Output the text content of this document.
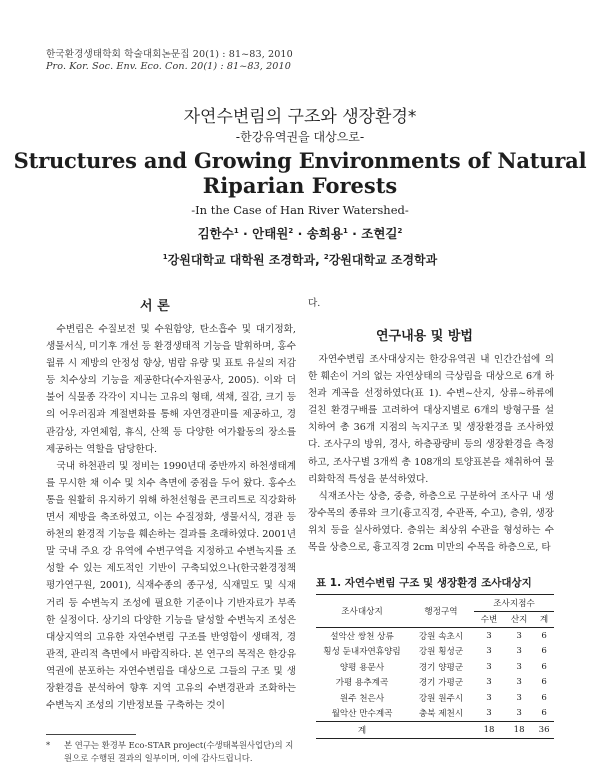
한국환경생태학회 학술대회논문집 20(1) : 81~83, 2010
Pro. Kor. Soc. Env. Eco. Con. 20(1) : 81~83, 2010
자연수변림의 구조와 생장환경*
-한강유역권을 대상으로-
Structures and Growing Environments of Natural
Riparian Forests
-In the Case of Han River Watershed-
김한수$^1$ · 안태원$^2$ · 송희용$^1$ · 조현길$^2$
$^1$강원대학교 대학원 조경학과, $^2$강원대학교 조경학과
서 론

수변림은 수질보전 및 수원함양, 탄소흡수 및 대기정화, 생물서식, 미기후 개선 등 환경생태적 기능을 발휘하며, 홍수 월류 시 제방의 안정성 향상, 범람 유량 및 표토 유실의 저감 등 치수상의 기능을 제공한다(수자원공사, 2005). 이와 더불어 식물종 각각이 지니는 고유의 형태, 색채, 질감, 크기 등의 어우러짐과 계절변화를 통해 자연경관미를 제공하고, 경관감상, 자연체험, 휴식, 산책 등 다양한 여가활동의 장소를 제공하는 역할을 담당한다.

국내 하천관리 및 정비는 1990년대 중반까지 하천생태계를 무시한 채 이수 및 치수 측면에 중점을 두어 왔다. 홍수소통을 원활히 유지하기 위해 하천선형을 콘크리트로 직강화하면서 제방을 축조하였고, 이는 수질정화, 생물서식, 경관 등 하천의 환경적 기능을 훼손하는 결과를 초래하였다. 2001년 말 국내 주요 강 유역에 수변구역을 지정하고 수변녹지를 조성할 수 있는 제도적인 기반이 구축되었으나(한국환경정책평가연구원, 2001), 식재수종의 종구성, 식재밀도 및 식재거리 등 수변녹지 조성에 필요한 기준이나 기반자료가 부족한 실정이다. 상기의 다양한 기능을 달성할 수변녹지 조성은 대상지역의 고유한 자연수변림 구조를 반영함이 생태적, 경관적, 관리적 측면에서 바람직하다. 본 연구의 목적은 한강유역권에 분포하는 자연수변림을 대상으로 그들의 구조 및 생장환경을 분석하여 향후 지역 고유의 수변경관과 조화하는 수변녹지 조성의 기반정보를 구축하는 것이

* 본 연구는 환경부 Eco-STAR project(수생태복원사업단)의 지원으로 수행된 결과의 일부이며, 이에 감사드립니다.
다.
연구내용 및 방법

자연수변림 조사대상지는 한강유역권 내 인간간섭에 의한 훼손이 거의 없는 자연상태의 극상림을 대상으로 6개 하천과 계곡을 선정하였다(표 1). 수변~산지, 상류~하류에 걸친 환경구배를 고려하여 대상지별로 6개의 방형구를 설치하여 총 36개 지점의 녹지구조 및 생장환경을 조사하였다. 조사구의 방위, 경사, 하층광량비 등의 생장환경을 측정하고, 조사구별 3개씩 총 108개의 토양표본을 채취하여 물리화학적 특성을 분석하였다.

식재조사는 상층, 중층, 하층으로 구분하여 조사구 내 생장수목의 종류와 크기(흉고직경, 수관폭, 수고), 층위, 생장위치 등을 실사하였다. 층위는 최상위 수관을 형성하는 수목을 상층으로, 흉고직경 2cm 미만의 수목을 하층으로, 타

표 1. 자연수변림 구조 및 생장환경 조사대상지
조사대상지	행정구역	조사지점수		
		수변	산지	계
설악산 쌍천 상류	강원 속초시	3	3	6
횡성 둔내자연휴양림	강원 횡성군	3	3	6
양평 용문사	경기 양평군	3	3	6
가평 용추계곡	경기 가평군	3	3	6
원주 천은사	강원 원주시	3	3	6
월악산 만수계곡	충북 제천시	3	3	6
계		18	18	36
